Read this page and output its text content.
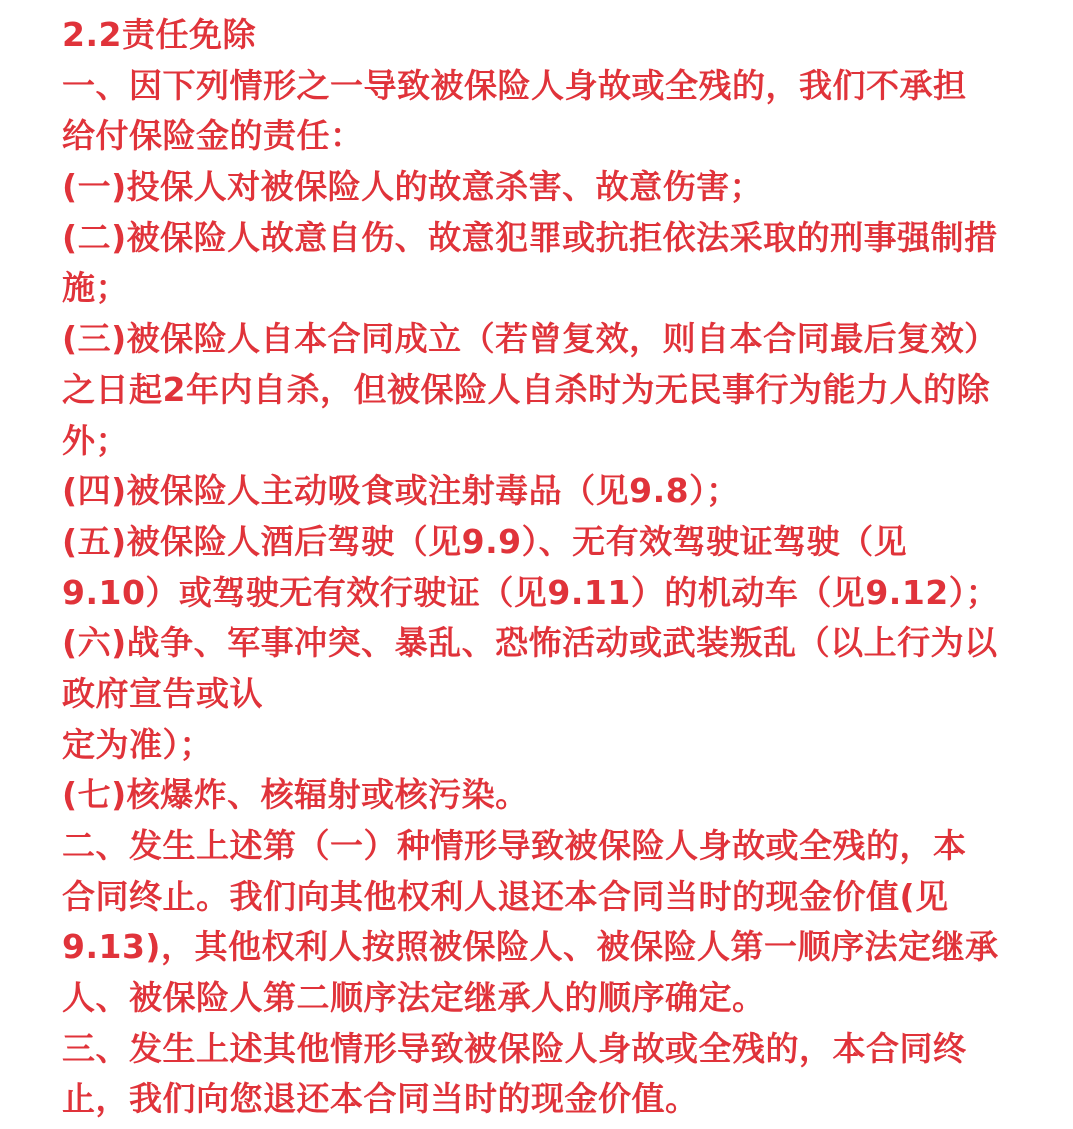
2.2责任免除
一、因下列情形之一导致被保险人身故或全残的，我们不承担
给付保险金的责任：
(一)投保人对被保险人的故意杀害、故意伤害；
(二)被保险人故意自伤、故意犯罪或抗拒依法采取的刑事强制措
施；
(三)被保险人自本合同成立（若曾复效，则自本合同最后复效）
之日起2年内自杀，但被保险人自杀时为无民事行为能力人的除
外；
(四)被保险人主动吸食或注射毒品（见9.8）；
(五)被保险人酒后驾驶（见9.9）、无有效驾驶证驾驶（见
9.10）或驾驶无有效行驶证（见9.11）的机动车（见9.12）；
(六)战争、军事冲突、暴乱、恐怖活动或武装叛乱（以上行为以
政府宣告或认
定为准）；
(七)核爆炸、核辐射或核污染。
二、发生上述第（一）种情形导致被保险人身故或全残的，本
合同终止。我们向其他权利人退还本合同当时的现金价值(见
9.13)，其他权利人按照被保险人、被保险人第一顺序法定继承
人、被保险人第二顺序法定继承人的顺序确定。
三、发生上述其他情形导致被保险人身故或全残的，本合同终
止，我们向您退还本合同当时的现金价值。
